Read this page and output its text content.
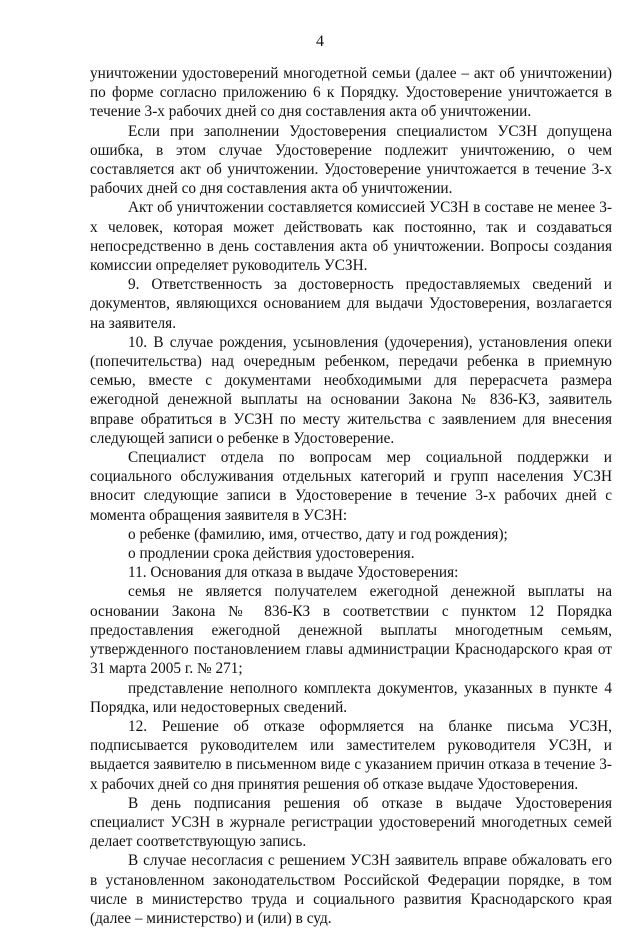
4

уничтожении удостоверений многодетной семьи (далее – акт об уничтожении) по форме согласно приложению 6 к Порядку. Удостоверение уничтожается в течение 3-х рабочих дней со дня составления акта об уничтожении.

Если при заполнении Удостоверения специалистом УСЗН допущена ошибка, в этом случае Удостоверение подлежит уничтожению, о чем составляется акт об уничтожении. Удостоверение уничтожается в течение 3-х рабочих дней со дня составления акта об уничтожении.

Акт об уничтожении составляется комиссией УСЗН в составе не менее 3-х человек, которая может действовать как постоянно, так и создаваться непосредственно в день составления акта об уничтожении. Вопросы создания комиссии определяет руководитель УСЗН.

9. Ответственность за достоверность предоставляемых сведений и документов, являющихся основанием для выдачи Удостоверения, возлагается на заявителя.

10. В случае рождения, усыновления (удочерения), установления опеки (попечительства) над очередным ребенком, передачи ребенка в приемную семью, вместе с документами необходимыми для перерасчета размера ежегодной денежной выплаты на основании Закона № 836-КЗ, заявитель вправе обратиться в УСЗН по месту жительства с заявлением для внесения следующей записи о ребенке в Удостоверение.

Специалист отдела по вопросам мер социальной поддержки и социального обслуживания отдельных категорий и групп населения УСЗН вносит следующие записи в Удостоверение в течение 3-х рабочих дней с момента обращения заявителя в УСЗН:

о ребенке (фамилию, имя, отчество, дату и год рождения);

о продлении срока действия удостоверения.

11. Основания для отказа в выдаче Удостоверения:

семья не является получателем ежегодной денежной выплаты на основании Закона № 836-КЗ в соответствии с пунктом 12 Порядка предоставления ежегодной денежной выплаты многодетным семьям, утвержденного постановлением главы администрации Краснодарского края от 31 марта 2005 г. № 271;

представление неполного комплекта документов, указанных в пункте 4 Порядка, или недостоверных сведений.

12. Решение об отказе оформляется на бланке письма УСЗН, подписывается руководителем или заместителем руководителя УСЗН, и выдается заявителю в письменном виде с указанием причин отказа в течение 3-х рабочих дней со дня принятия решения об отказе выдаче Удостоверения.

В день подписания решения об отказе в выдаче Удостоверения специалист УСЗН в журнале регистрации удостоверений многодетных семей делает соответствующую запись.

В случае несогласия с решением УСЗН заявитель вправе обжаловать его в установленном законодательством Российской Федерации порядке, в том числе в министерство труда и социального развития Краснодарского края (далее – министерство) и (или) в суд.
